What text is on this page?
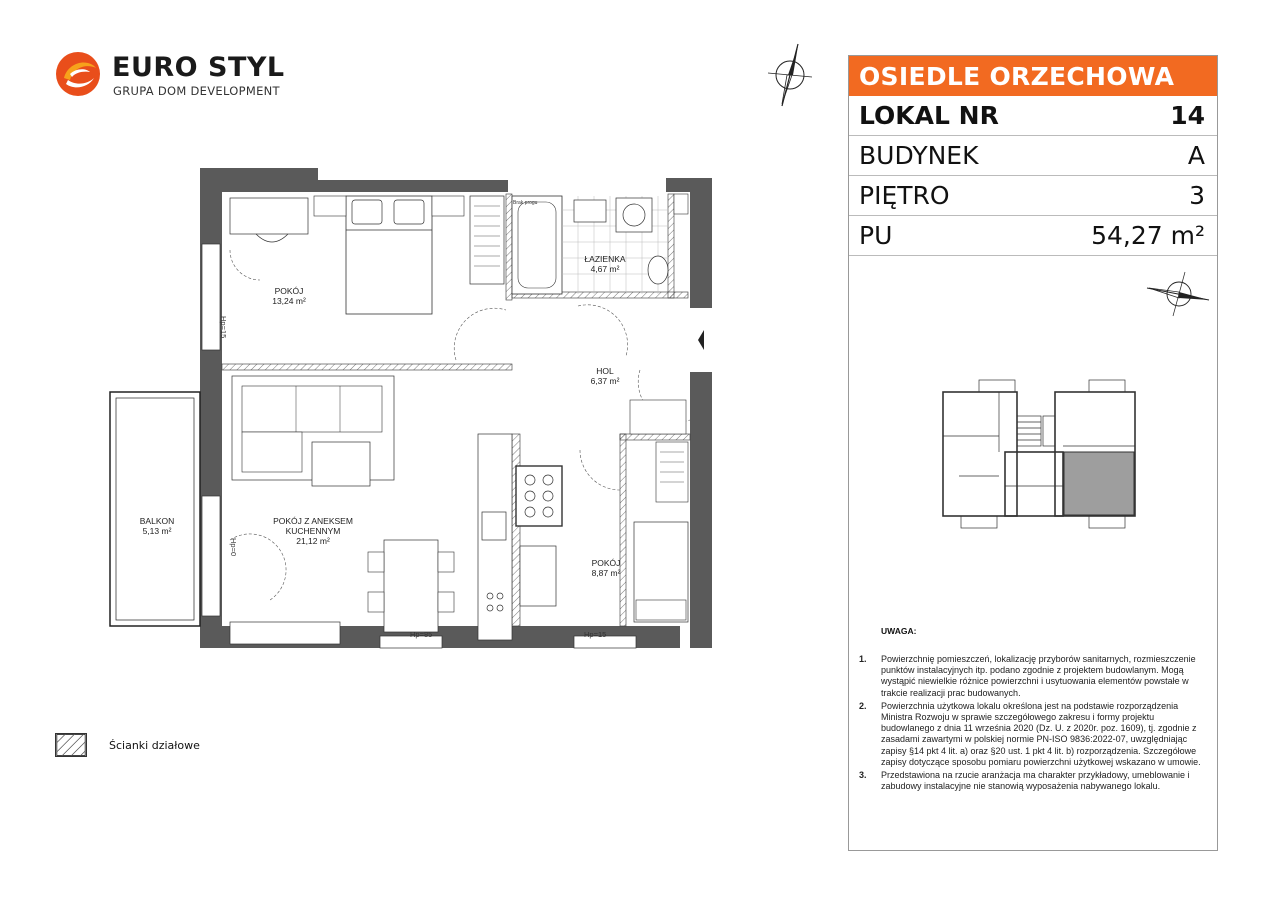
EURO STYL
GRUPA DOM DEVELOPMENT
POKÓJ
13,24 m²
ŁAZIENKA
4,67 m²
HOL
6,37 m²
POKÓJ Z ANEKSEM
KUCHENNYM
21,12 m²
BALKON
5,13 m²
POKÓJ
8,87 m²
Hp=15
Hp=0
Hp=85	Hp=15
Brak progu
Ścianki działowe
OSIEDLE ORZECHOWA
LOKAL NR	14
BUDYNEK	A
PIĘTRO	3
PU	54,27 m²
UWAGA:
1.	Powierzchnię pomieszczeń, lokalizację przyborów sanitarnych, rozmieszczenie punktów instalacyjnych itp. podano zgodnie z projektem budowlanym. Mogą wystąpić niewielkie różnice powierzchni i usytuowania elementów powstałe w trakcie realizacji prac budowanych.
2.	Powierzchnia użytkowa lokalu określona jest na podstawie rozporządzenia Ministra Rozwoju w sprawie szczegółowego zakresu i formy projektu budowlanego z dnia 11 września 2020 (Dz. U. z 2020r. poz. 1609), tj. zgodnie z zasadami zawartymi w polskiej normie PN-ISO 9836:2022-07, uwzględniając zapisy §14 pkt 4 lit. a) oraz §20 ust. 1 pkt 4 lit. b) rozporządzenia. Szczegółowe zapisy dotyczące sposobu pomiaru powierzchni użytkowej wskazano w umowie.
3.	Przedstawiona na rzucie aranżacja ma charakter przykładowy, umeblowanie i zabudowy instalacyjne nie stanowią wyposażenia nabywanego lokalu.
